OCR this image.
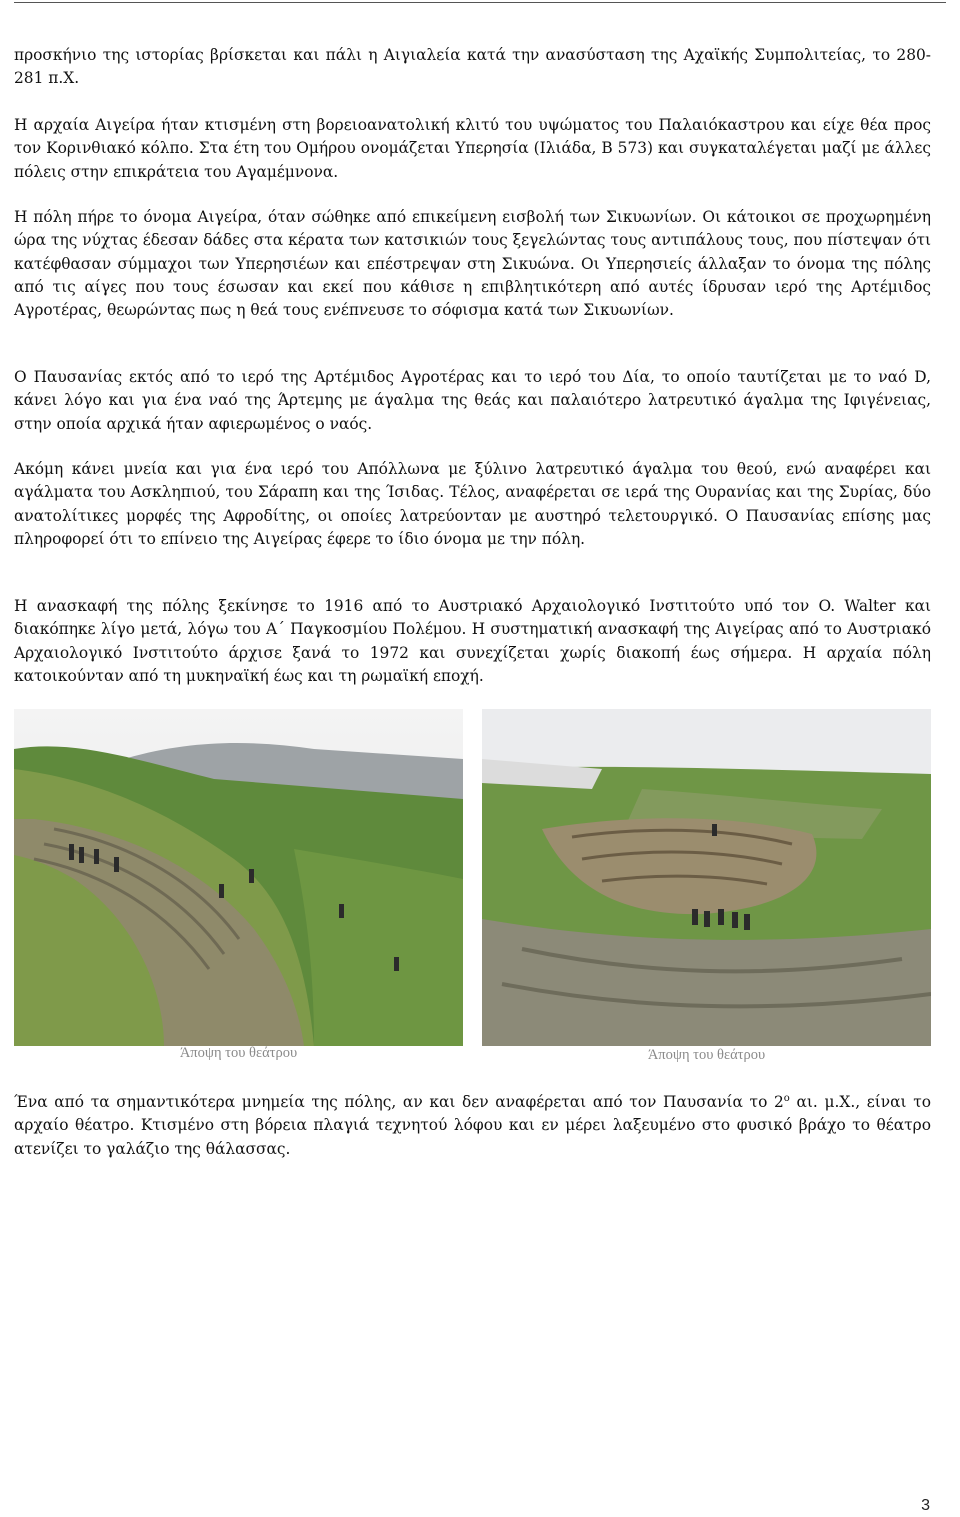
προσκήνιο της ιστορίας βρίσκεται και πάλι η Αιγιαλεία κατά την ανασύσταση της Αχαϊκής Συμπολιτείας, το 280-281 π.Χ.

Η αρχαία Αιγείρα ήταν κτισμένη στη βορειοανατολική κλιτύ του υψώματος του Παλαιόκαστρου και είχε θέα προς τον Κορινθιακό κόλπο. Στα έτη του Ομήρου ονομάζεται Υπερησία (Ιλιάδα, Β 573) και συγκαταλέγεται μαζί με άλλες πόλεις στην επικράτεια του Αγαμέμνονα.

Η πόλη πήρε το όνομα Αιγείρα, όταν σώθηκε από επικείμενη εισβολή των Σικυωνίων. Οι κάτοικοι σε προχωρημένη ώρα της νύχτας έδεσαν δάδες στα κέρατα των κατσικιών τους ξεγελώντας τους αντιπάλους τους, που πίστεψαν ότι κατέφθασαν σύμμαχοι των Υπερησιέων και επέστρεψαν στη Σικυώνα. Οι Υπερησιείς άλλαξαν το όνομα της πόλης από τις αίγες που τους έσωσαν και εκεί που κάθισε η επιβλητικότερη από αυτές ίδρυσαν ιερό της Αρτέμιδος Αγροτέρας, θεωρώντας πως η θεά τους ενέπνευσε το σόφισμα κατά των Σικυωνίων.

Ο Παυσανίας εκτός από το ιερό της Αρτέμιδος Αγροτέρας και το ιερό του Δία, το οποίο ταυτίζεται με το ναό D, κάνει λόγο και για ένα ναό της Άρτεμης με άγαλμα της θεάς και παλαιότερο λατρευτικό άγαλμα της Ιφιγένειας, στην οποία αρχικά ήταν αφιερωμένος ο ναός.

Ακόμη κάνει μνεία και για ένα ιερό του Απόλλωνα με ξύλινο λατρευτικό άγαλμα του θεού, ενώ αναφέρει και αγάλματα του Ασκληπιού, του Σάραπη και της Ίσιδας. Τέλος, αναφέρεται σε ιερά της Ουρανίας και της Συρίας, δύο ανατολίτικες μορφές της Αφροδίτης, οι οποίες λατρεύονταν με αυστηρό τελετουργικό. Ο Παυσανίας επίσης μας πληροφορεί ότι το επίνειο της Αιγείρας έφερε το ίδιο όνομα με την πόλη.

Η ανασκαφή της πόλης ξεκίνησε το 1916 από το Αυστριακό Αρχαιολογικό Ινστιτούτο υπό τον O. Walter και διακόπηκε λίγο μετά, λόγω του Α΄ Παγκοσμίου Πολέμου. Η συστηματική ανασκαφή της Αιγείρας από το Αυστριακό Αρχαιολογικό Ινστιτούτο άρχισε ξανά το 1972 και συνεχίζεται χωρίς διακοπή έως σήμερα. Η αρχαία πόλη κατοικούνταν από τη μυκηναϊκή έως και τη ρωμαϊκή εποχή.

Άποψη του θεάτρου	Άποψη του θεάτρου

Ένα από τα σημαντικότερα μνημεία της πόλης, αν και δεν αναφέρεται από τον Παυσανία το $2^o$ αι. μ.Χ., είναι το αρχαίο θέατρο. Κτισμένο στη βόρεια πλαγιά τεχνητού λόφου και εν μέρει λαξευμένο στο φυσικό βράχο το θέατρο ατενίζει το γαλάζιο της θάλασσας.

3
